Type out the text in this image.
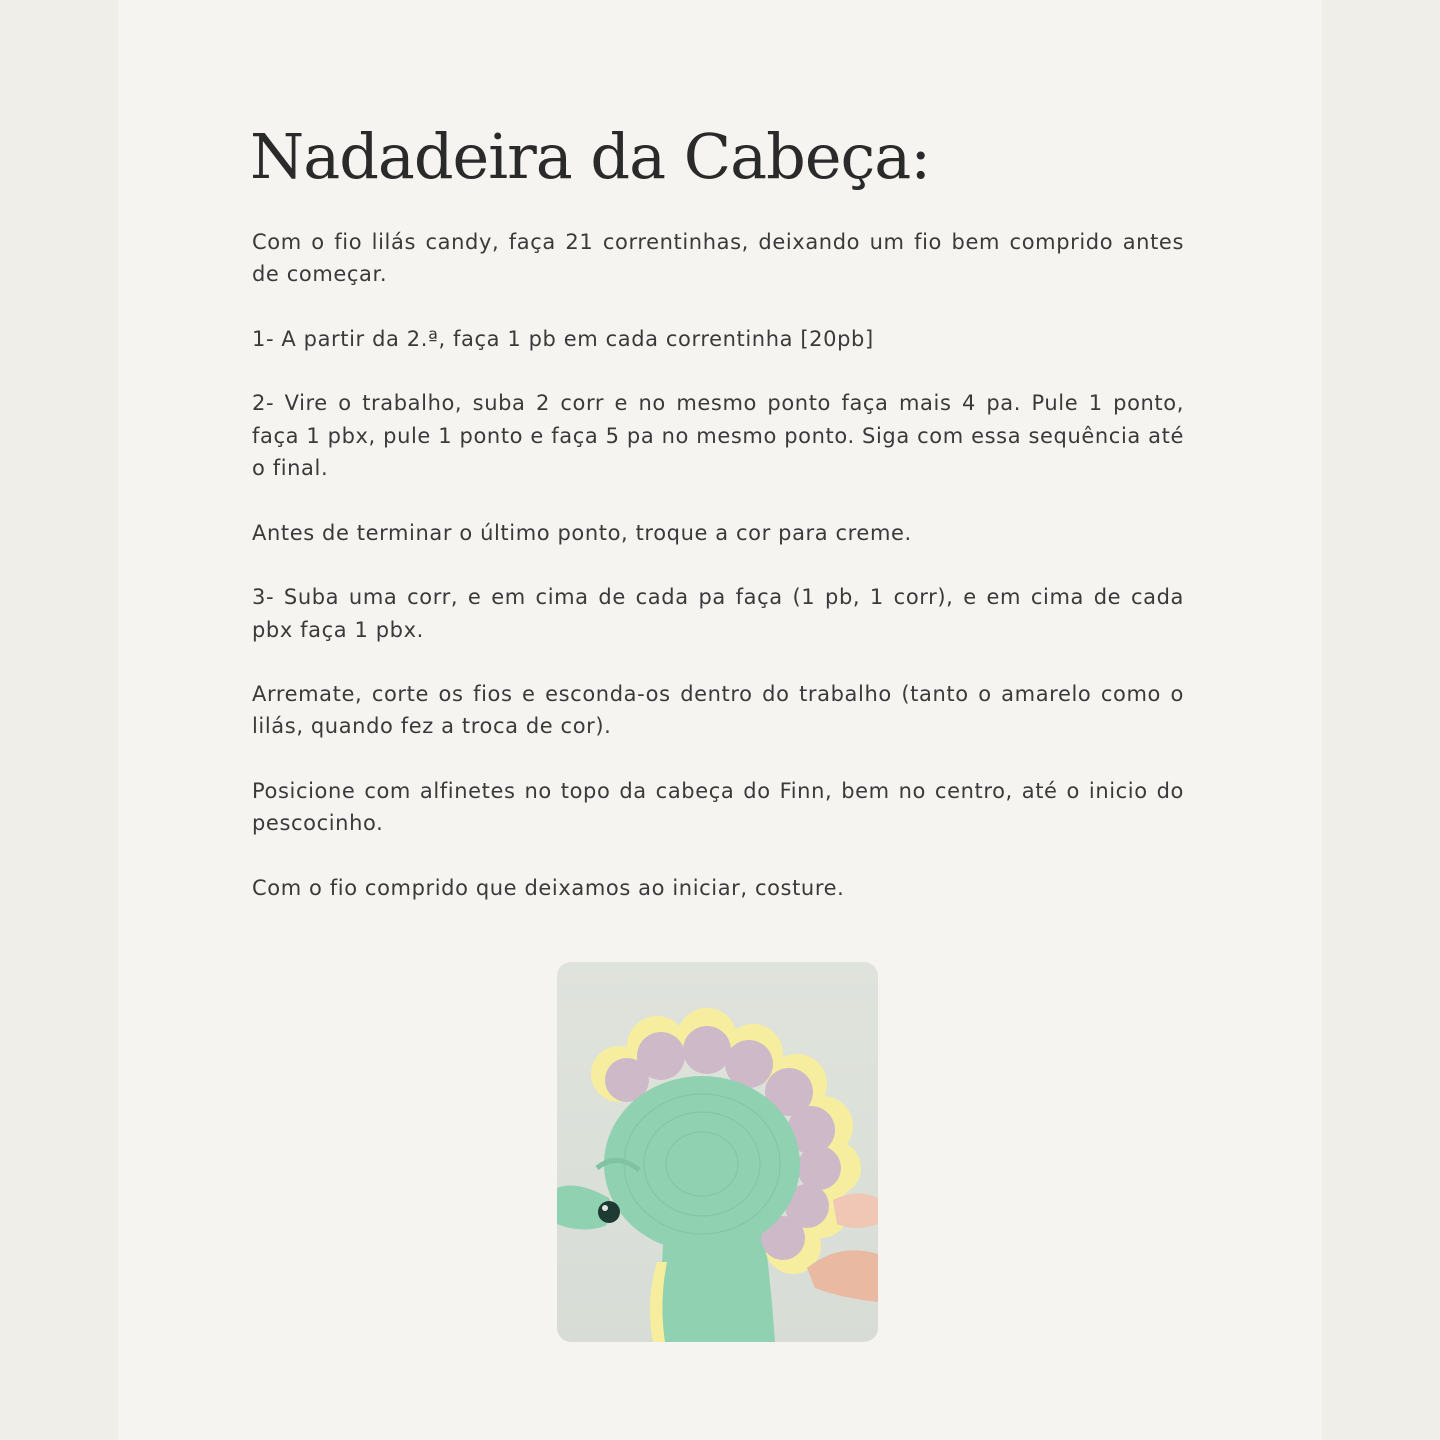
Nadadeira da Cabeça:

Com o fio lilás candy, faça 21 correntinhas, deixando um fio bem comprido antes de começar.

1- A partir da 2.ª, faça 1 pb em cada correntinha [20pb]

2- Vire o trabalho, suba 2 corr e no mesmo ponto faça mais 4 pa. Pule 1 ponto, faça 1 pbx, pule 1 ponto e faça 5 pa no mesmo ponto. Siga com essa sequência até o final.

Antes de terminar o último ponto, troque a cor para creme.

3- Suba uma corr, e em cima de cada pa faça (1 pb, 1 corr), e em cima de cada pbx faça 1 pbx.

Arremate, corte os fios e esconda-os dentro do trabalho (tanto o amarelo como o lilás, quando fez a troca de cor).

Posicione com alfinetes no topo da cabeça do Finn, bem no centro, até o inicio do pescocinho.

Com o fio comprido que deixamos ao iniciar, costure.
